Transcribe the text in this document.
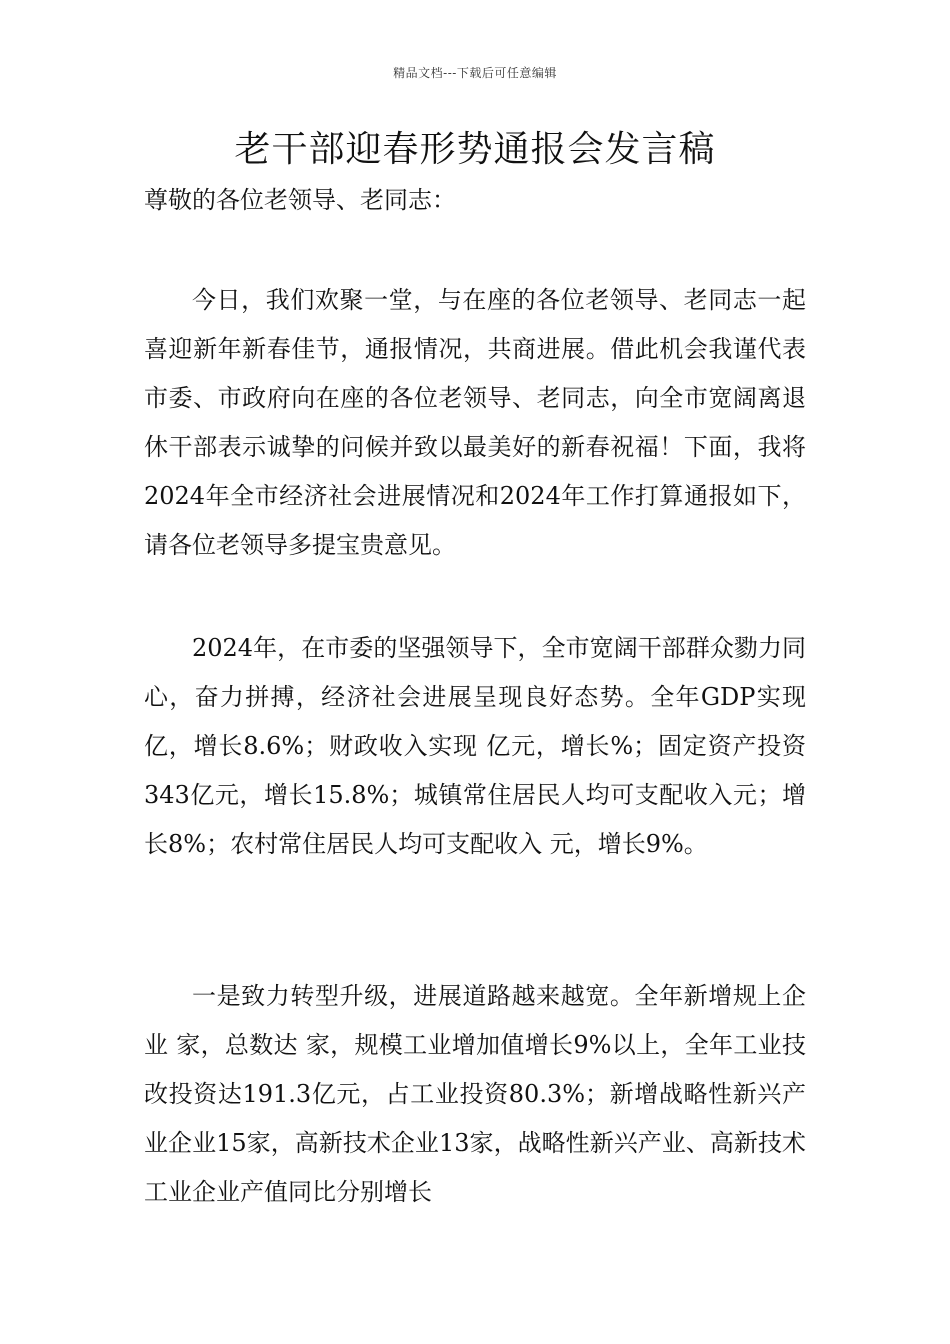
精品文档---下载后可任意编辑
老干部迎春形势通报会发言稿
尊敬的各位老领导、老同志：

今日，我们欢聚一堂，与在座的各位老领导、老同志一起喜迎新年新春佳节，通报情况，共商进展。借此机会我谨代表市委、市政府向在座的各位老领导、老同志，向全市宽阔离退休干部表示诚挚的问候并致以最美好的新春祝福！下面，我将2024年全市经济社会进展情况和2024年工作打算通报如下，请各位老领导多提宝贵意见。

2024年，在市委的坚强领导下，全市宽阔干部群众勠力同心，奋力拼搏，经济社会进展呈现良好态势。全年GDP实现 亿，增长8.6%；财政收入实现 亿元，增长%；固定资产投资343亿元，增长15.8%；城镇常住居民人均可支配收入元；增长8%；农村常住居民人均可支配收入 元，增长9%。

一是致力转型升级，进展道路越来越宽。全年新增规上企业 家，总数达 家，规模工业增加值增长9%以上，全年工业技改投资达191.3亿元，占工业投资80.3%；新增战略性新兴产业企业15家，高新技术企业13家，战略性新兴产业、高新技术工业企业产值同比分别增长
